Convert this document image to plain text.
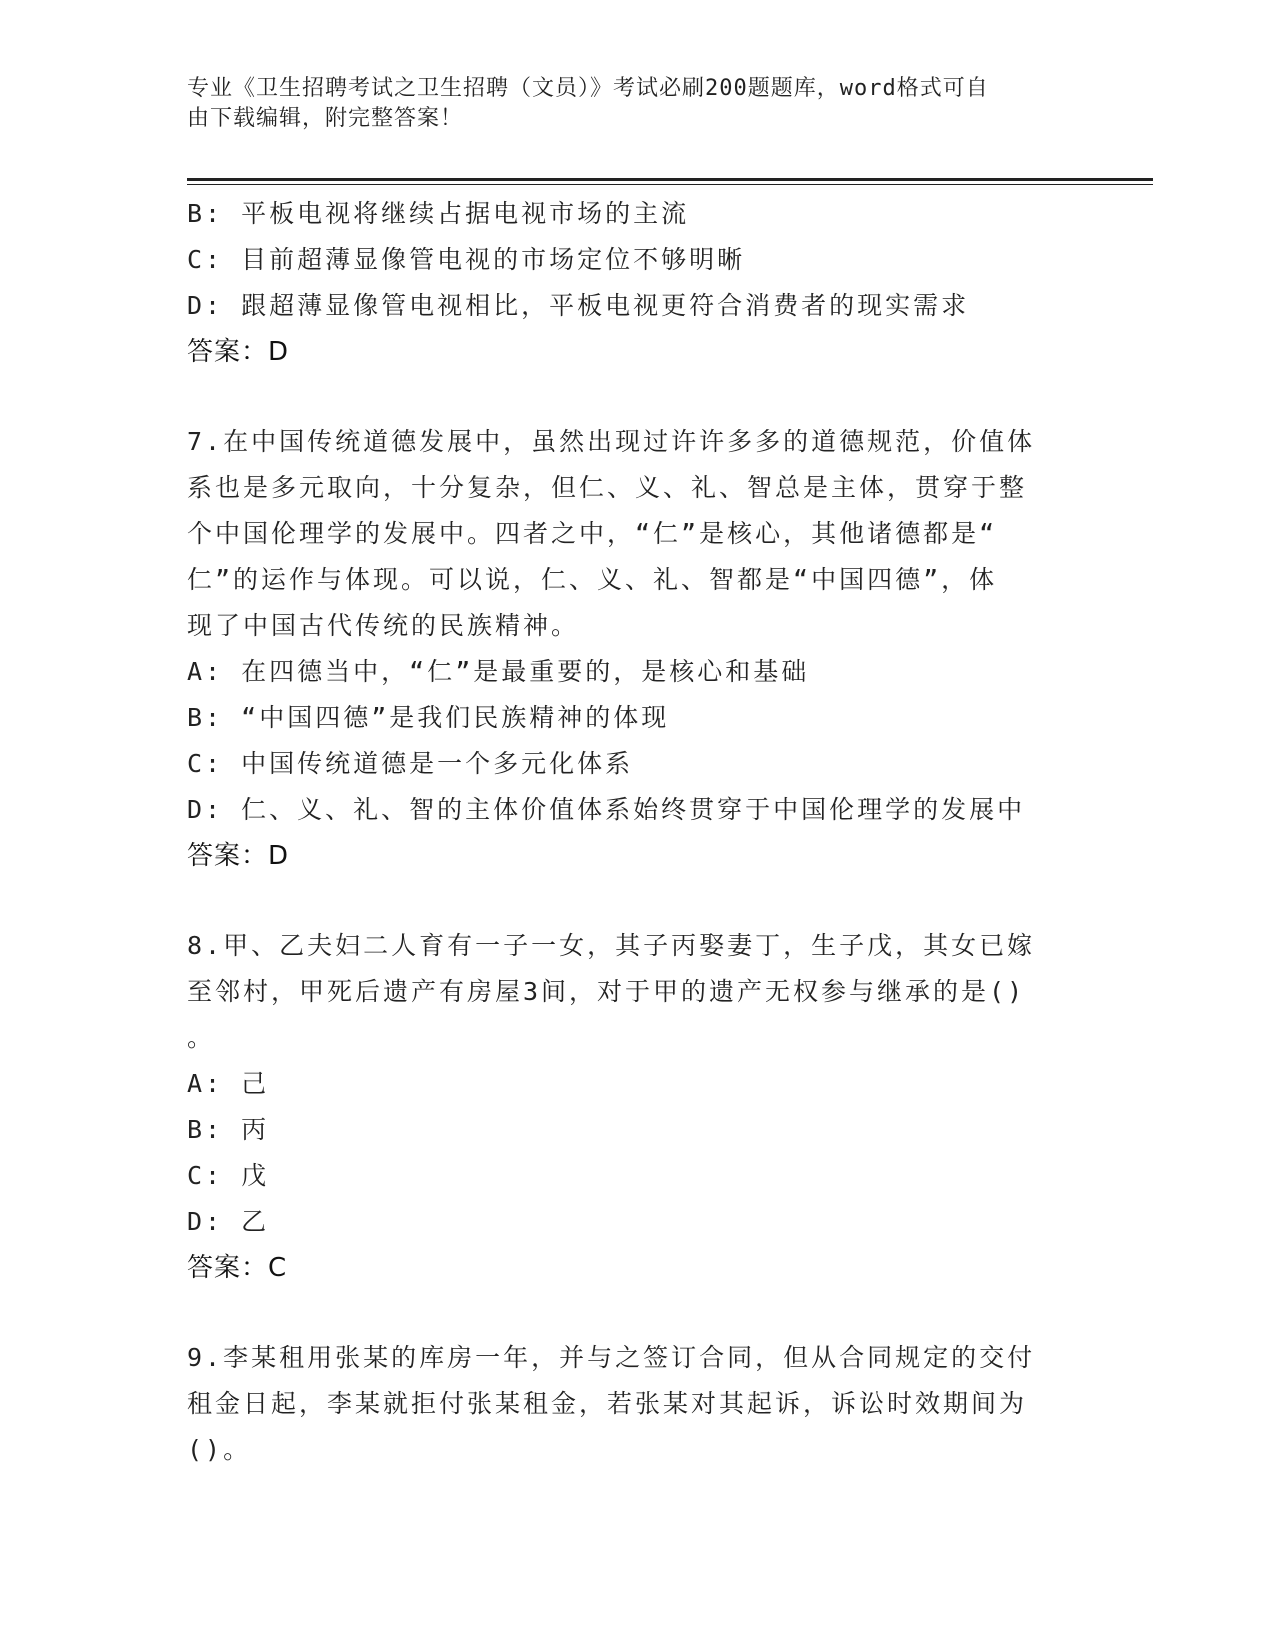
专业《卫生招聘考试之卫生招聘（文员）》考试必刷200题题库，word格式可自
由下载编辑，附完整答案！
B: 平板电视将继续占据电视市场的主流
C: 目前超薄显像管电视的市场定位不够明晰
D: 跟超薄显像管电视相比，平板电视更符合消费者的现实需求
答案：D
7.在中国传统道德发展中，虽然出现过许许多多的道德规范，价值体
系也是多元取向，十分复杂，但仁、义、礼、智总是主体，贯穿于整
个中国伦理学的发展中。四者之中，“仁”是核心，其他诸德都是“
仁”的运作与体现。可以说，仁、义、礼、智都是“中国四德”，体
现了中国古代传统的民族精神。
A: 在四德当中，“仁”是最重要的，是核心和基础
B: “中国四德”是我们民族精神的体现
C: 中国传统道德是一个多元化体系
D: 仁、义、礼、智的主体价值体系始终贯穿于中国伦理学的发展中
答案：D
8.甲、乙夫妇二人育有一子一女，其子丙娶妻丁，生子戊，其女已嫁
至邻村，甲死后遗产有房屋3间，对于甲的遗产无权参与继承的是()
。
A: 己
B: 丙
C: 戊
D: 乙
答案：C
9.李某租用张某的库房一年，并与之签订合同，但从合同规定的交付
租金日起，李某就拒付张某租金，若张某对其起诉，诉讼时效期间为
()。
